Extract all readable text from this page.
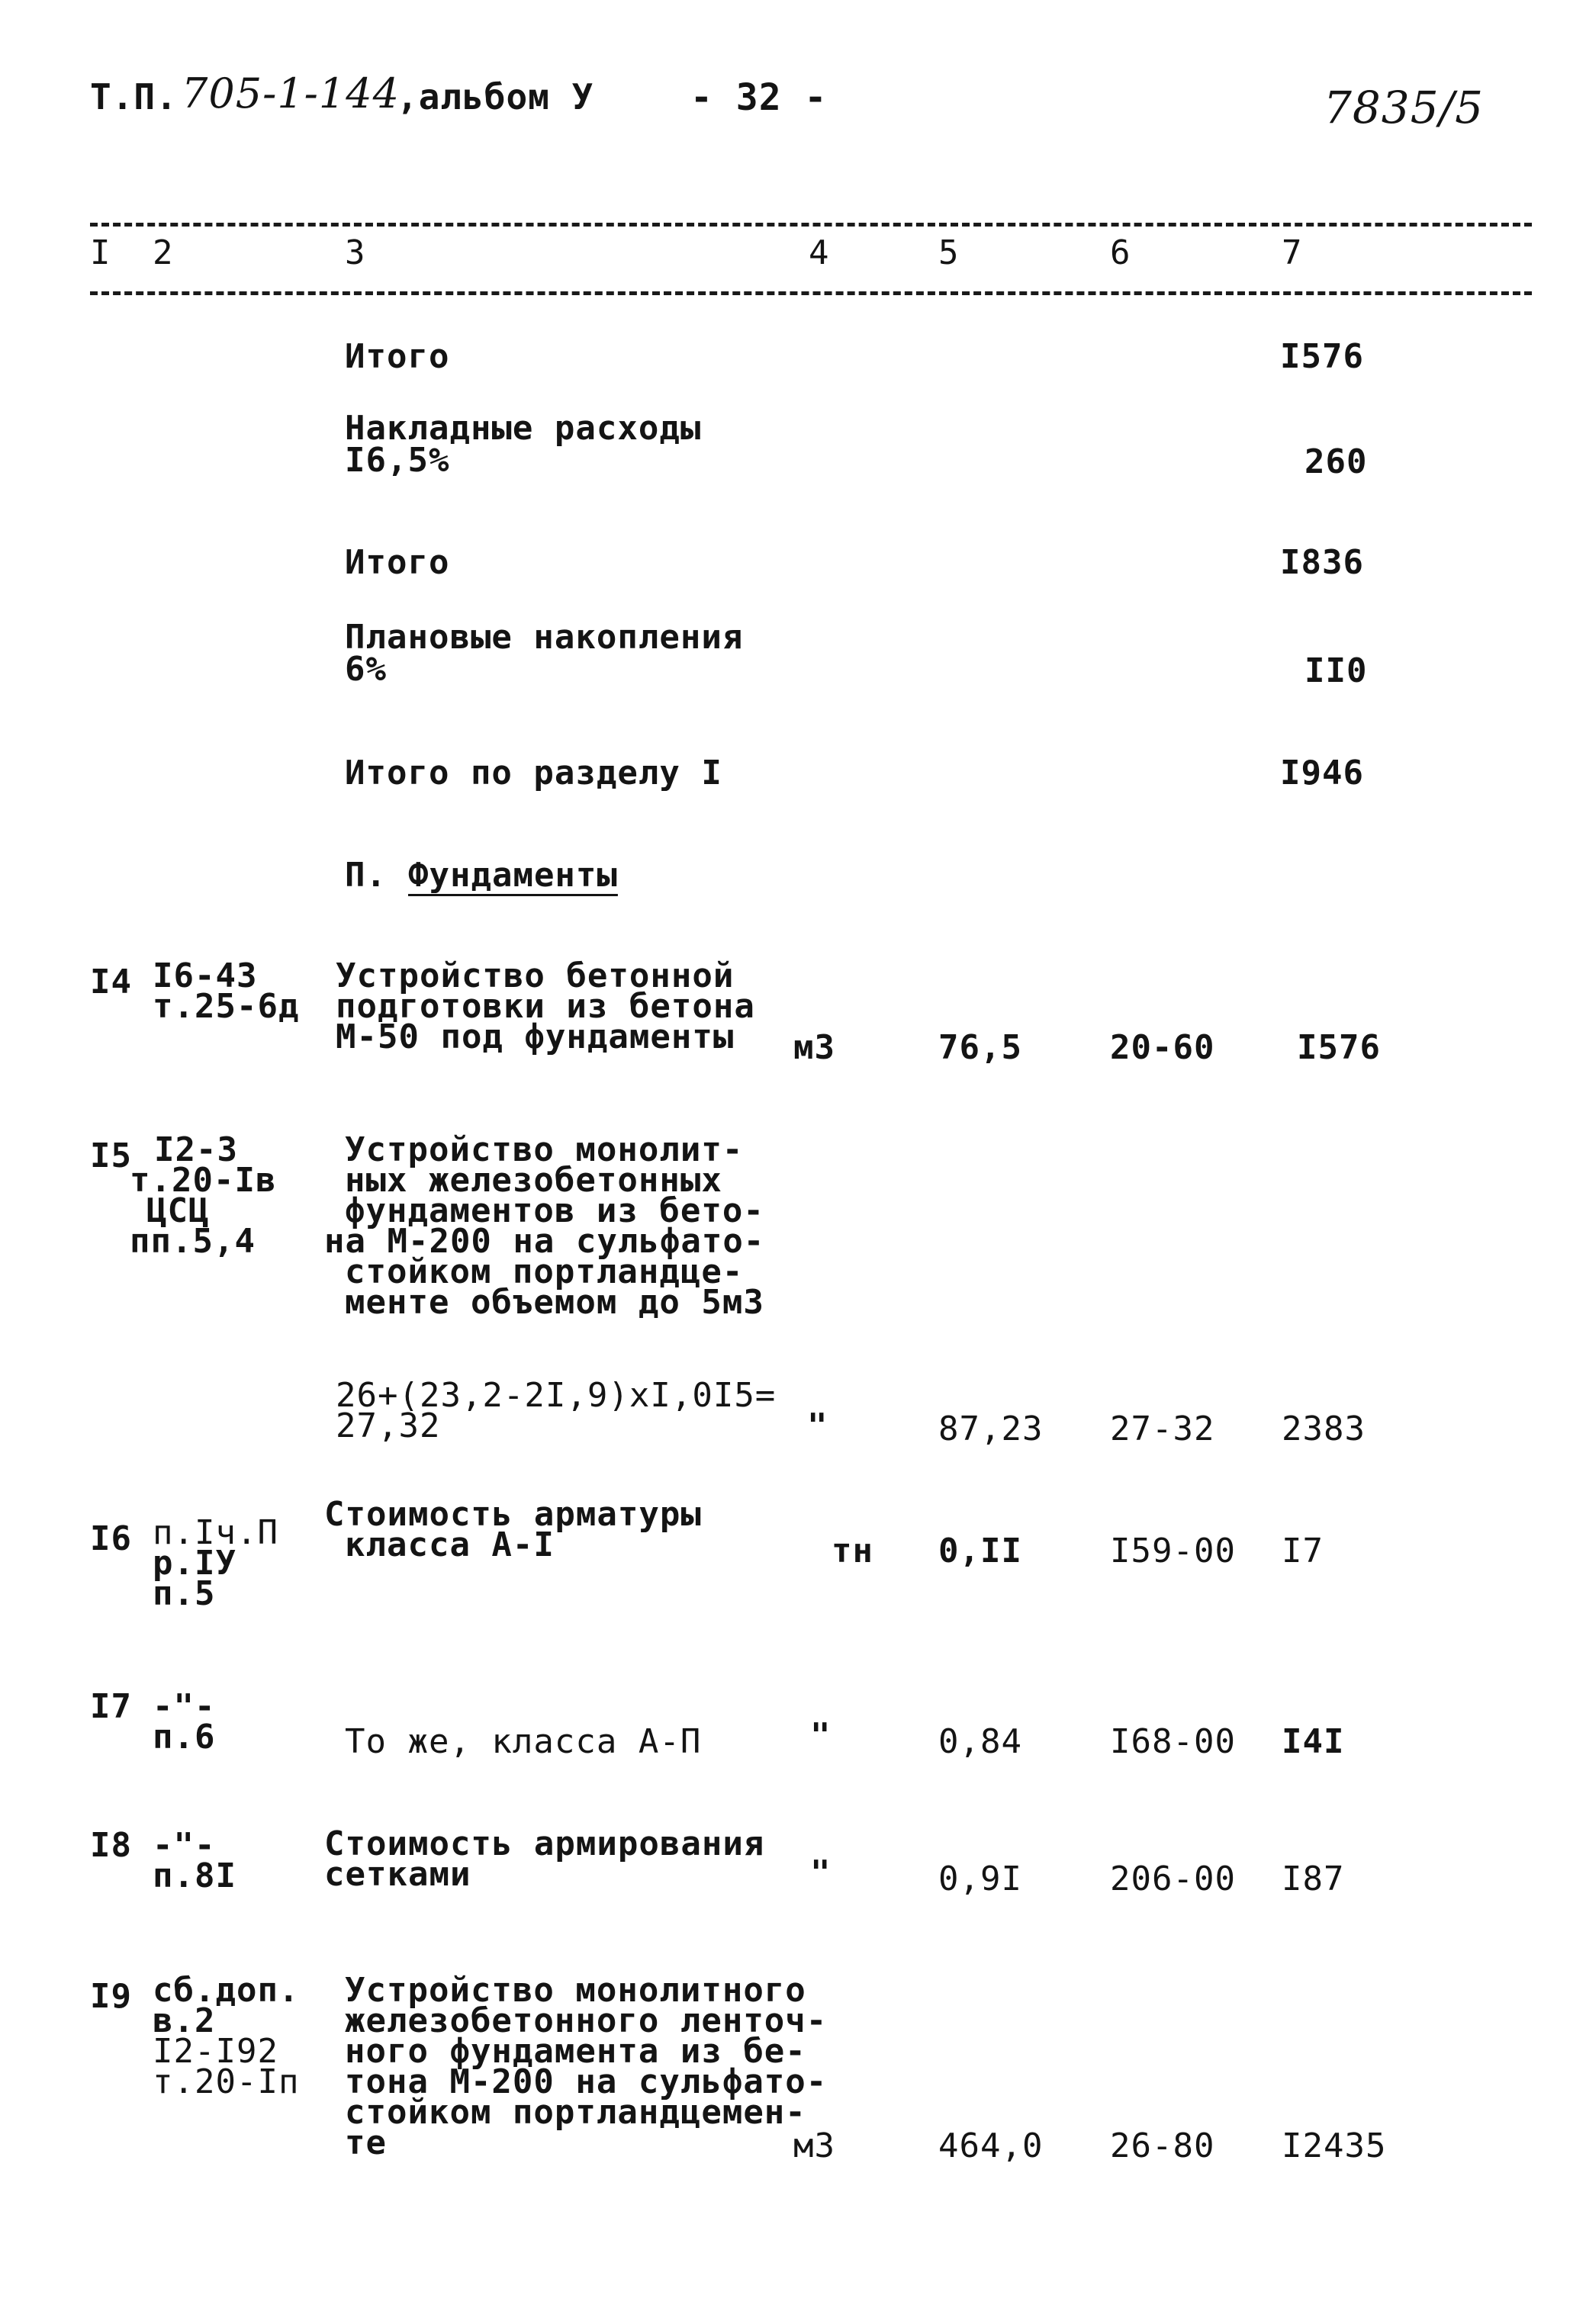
Т.П. 705-1-144
,альбом У	- 32 -	7835/5
I 2	3	4	5	6	7
Итого	I576
Накладные расходы
I6,5%	260
Итого	I836
Плановые накопления
6%	II0
Итого по разделу I	I946
П. Фундаменты
I4 I6-43
т.25-6д
Устройство бетонной
подготовки из бетона
М-50 под фундаменты	м3	76,5	20-60 I576
I5 I2-3
т.20-Iв
ЦСЦ
пп.5,4
Устройство монолит-
ных железобетонных
фундаментов из бето-
на М-200 на сульфато-
стойком портландце-
менте объемом до 5м3
26+(23,2-2I,9)xI,0I5=
27,32	"	87,23 27-32 2383
I6 п.Iч.П
р.IУ
п.5
Стоимость арматуры
класса А-I	тн 0,II	I59-00 I7
I7 -"-
п.6	То же, класса А-П	"	0,84	I68-00 I4I
I8 -"-
п.8I
Стоимость армирования
сетками	"	0,9I	206-00 I87
I9 сб.доп.
в.2
I2-I92
т.20-Iп
Устройство монолитного
железобетонного ленточ-
ного фундамента из бе-
тона М-200 на сульфато-
стойком портландцемен-
те	м3	464,0 26-80 I2435
